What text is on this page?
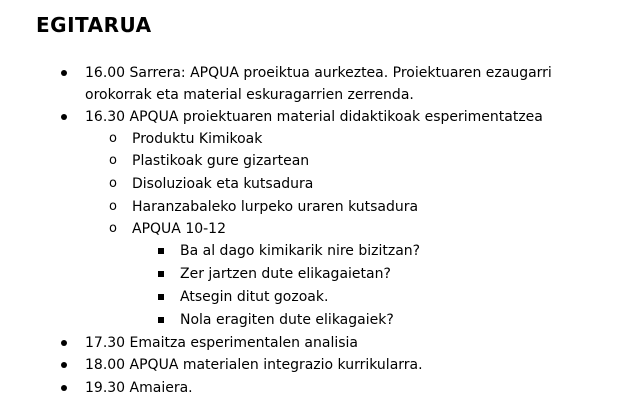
EGITARUA
16.00 Sarrera: APQUA proeiktua aurkeztea. Proiektuaren ezaugarri
orokorrak eta material eskuragarrien zerrenda.
16.30 APQUA proiektuaren material didaktikoak esperimentatzea
o Produktu Kimikoak
o Plastikoak gure gizartean
o Disoluzioak eta kutsadura
o Haranzabaleko lurpeko uraren kutsadura
o APQUA 10-12
Ba al dago kimikarik nire bizitzan?
Zer jartzen dute elikagaietan?
Atsegin ditut gozoak.
Nola eragiten dute elikagaiek?
17.30 Emaitza esperimentalen analisia
18.00 APQUA materialen integrazio kurrikularra.
19.30 Amaiera.
